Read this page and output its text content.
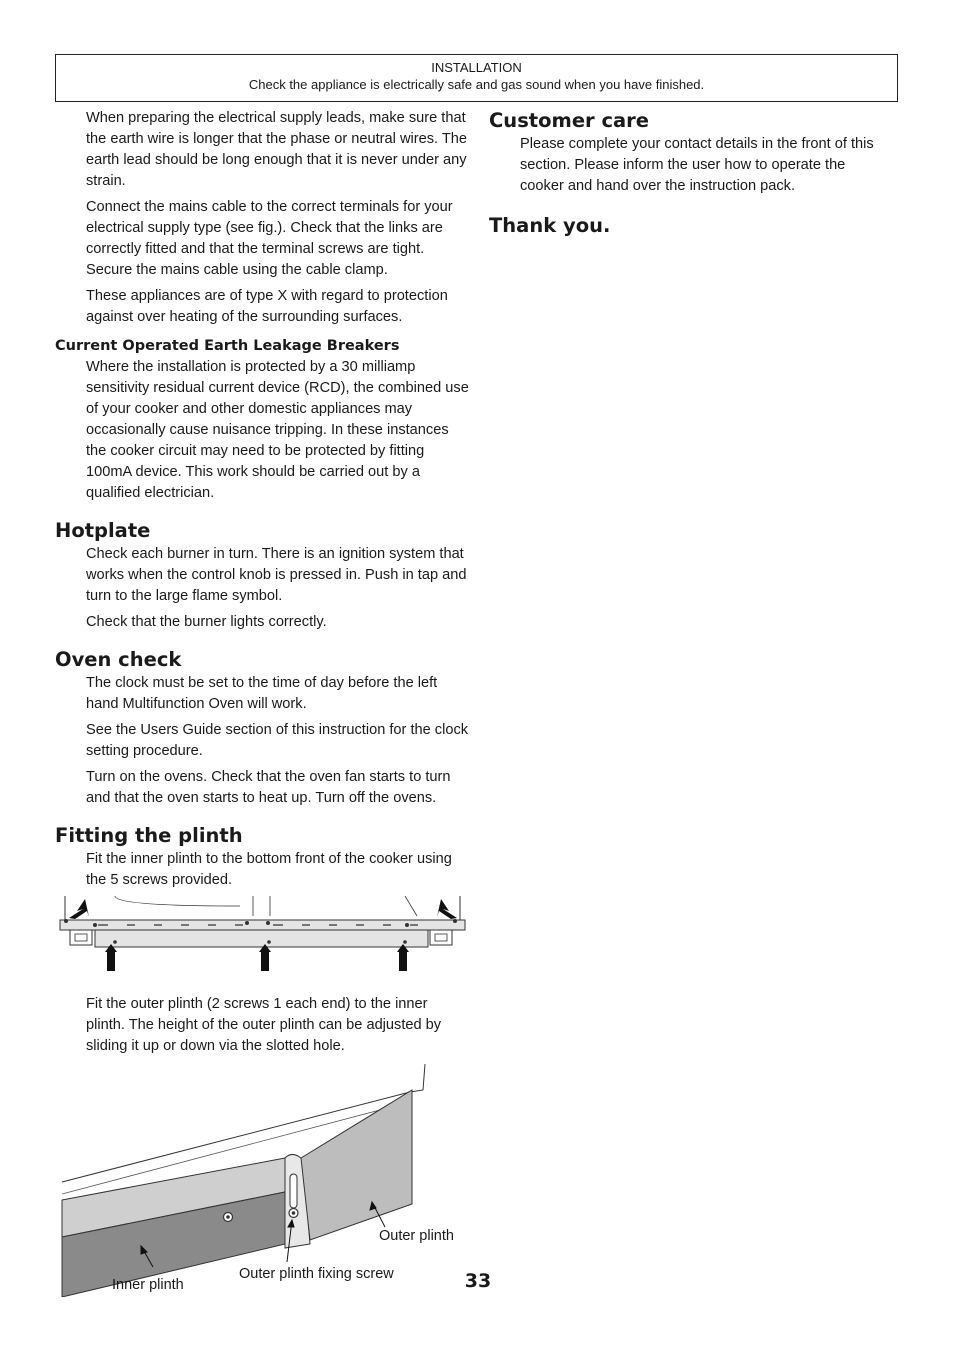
INSTALLATION
Check the appliance is electrically safe and gas sound when you have finished.

When preparing the electrical supply leads, make sure that the earth wire is longer that the phase or neutral wires. The earth lead should be long enough that it is never under any strain.

Connect the mains cable to the correct terminals for your electrical supply type (see fig.). Check that the links are correctly fitted and that the terminal screws are tight. Secure the mains cable using the cable clamp.

These appliances are of type X with regard to protection against over heating of the surrounding surfaces.

Current Operated Earth Leakage Breakers

Where the installation is protected by a 30 milliamp sensitivity residual current device (RCD), the combined use of your cooker and other domestic appliances may occasionally cause nuisance tripping. In these instances the cooker circuit may need to be protected by fitting 100mA device. This work should be carried out by a qualified electrician.

Hotplate

Check each burner in turn. There is an ignition system that works when the control knob is pressed in. Push in tap and turn to the large flame symbol.

Check that the burner lights correctly.

Oven check

The clock must be set to the time of day before the left hand Multifunction Oven will work.

See the Users Guide section of this instruction for the clock setting procedure.

Turn on the ovens. Check that the oven fan starts to turn and that the oven starts to heat up. Turn off the ovens.

Fitting the plinth

Fit the inner plinth to the bottom front of the cooker using the 5 screws provided.

Fit the outer plinth (2 screws 1 each end) to the inner plinth. The height of the outer plinth can be adjusted by sliding it up or down via the slotted hole.

Outer plinth
Outer plinth fixing screw
Inner plinth
Customer care

Please complete your contact details in the front of this section. Please inform the user how to operate the cooker and hand over the instruction pack.

Thank you.
33
